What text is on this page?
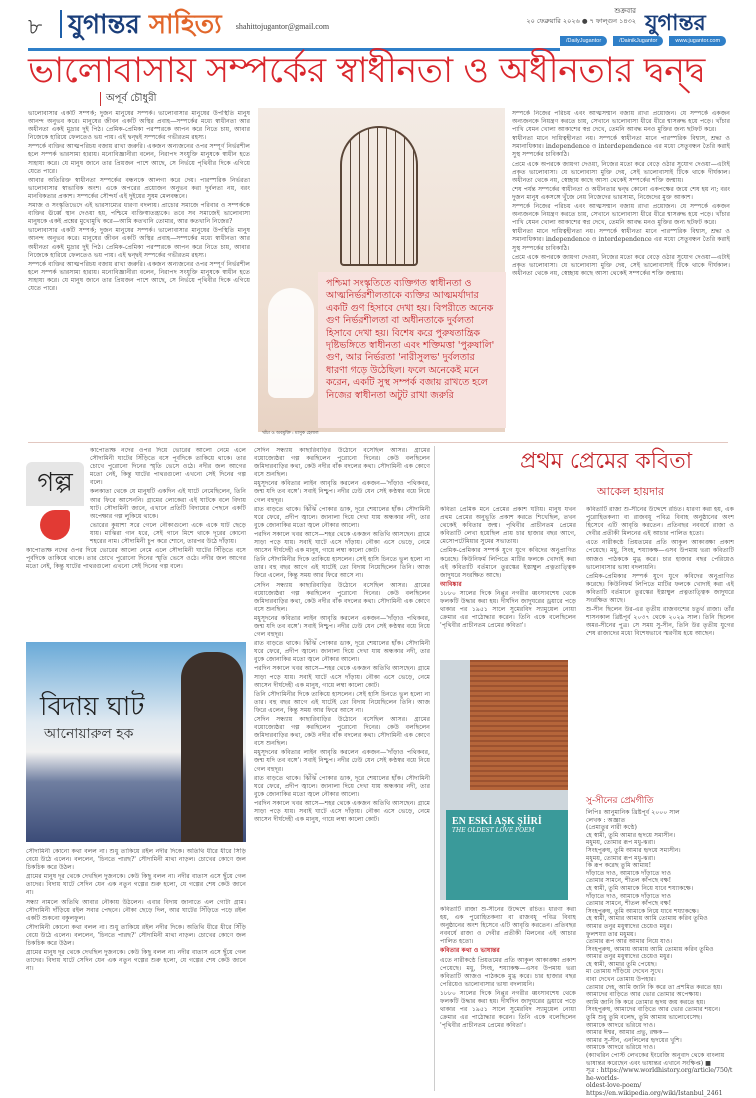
৮ যুগান্তর সাহিত্য shahittojugantor@gmail.com
শুক্রবার
২০ ফেব্রুয়ারি ২০২৬ ● ৭ ফাল্গুন ১৪৩২ যুগান্তর
/DailyJugantor	/DainikJugantor	www.jugantor.com
ভালোবাসায় সম্পর্কের স্বাধীনতা ও অধীনতার দ্বন্দ্ব
অপূর্ব চৌধুরী

ভালোবাসার একটি সম্পর্ক; দুজন মানুষের সম্পর্ক। ভালোবাসার মানুষের উপস্থিতি মানুষ আনন্দ অনুভব করে। মানুষের জীবন একটি অস্থির প্রবাহ—সম্পর্কের মধ্যে স্বাধীনতা আর অধীনতা একই মুদ্রার দুই পিঠ। প্রেমিক-প্রেমিকা পরস্পরকে আপন করে নিতে চায়, আবার নিজেকে হারিয়ে ফেলতেও ভয় পায়। এই দ্বন্দ্বই সম্পর্কের গভীরতম রহস্য।

সম্পর্কে ব্যক্তির আত্মপরিচয় বজায় রাখা জরুরি। একজন অন্যজনের ওপর সম্পূর্ণ নির্ভরশীল হলে সম্পর্ক ভারসাম্য হারায়। মনোবিজ্ঞানীরা বলেন, নিরাপদ সংযুক্তি মানুষকে স্বাধীন হতে সাহায্য করে। যে মানুষ জানে তার প্রিয়জন পাশে আছে, সে নির্ভয়ে পৃথিবীর দিকে এগিয়ে যেতে পারে।

আবার অতিরিক্ত স্বাধীনতা সম্পর্কের বন্ধনকে আলগা করে দেয়। পারস্পরিক নির্ভরতা ভালোবাসার স্বাভাবিক অংশ। একে অপরের প্রয়োজন অনুভব করা দুর্বলতা নয়, বরং মানবিকতার প্রকাশ। সম্পর্কের সৌন্দর্য এই দুইয়ের সুষম মেলবন্ধনে।

সমাজ ও সংস্কৃতিভেদে এই ভারসাম্যের ধারণা বদলায়। প্রাচ্যের সমাজে পরিবার ও সম্পর্ককে ব্যক্তির ঊর্ধ্বে স্থান দেওয়া হয়, পশ্চিমে ব্যক্তিস্বাতন্ত্র্যকে। তবে সব সমাজেই ভালোবাসা মানুষকে একই প্রশ্নের মুখোমুখি করে—আমি কতখানি তোমার, আর কতখানি নিজের?

ভালোবাসার একটি সম্পর্ক; দুজন মানুষের সম্পর্ক। ভালোবাসার মানুষের উপস্থিতি মানুষ আনন্দ অনুভব করে। মানুষের জীবন একটি অস্থির প্রবাহ—সম্পর্কের মধ্যে স্বাধীনতা আর অধীনতা একই মুদ্রার দুই পিঠ। প্রেমিক-প্রেমিকা পরস্পরকে আপন করে নিতে চায়, আবার নিজেকে হারিয়ে ফেলতেও ভয় পায়। এই দ্বন্দ্বই সম্পর্কের গভীরতম রহস্য।

সম্পর্কে ব্যক্তির আত্মপরিচয় বজায় রাখা জরুরি। একজন অন্যজনের ওপর সম্পূর্ণ নির্ভরশীল হলে সম্পর্ক ভারসাম্য হারায়। মনোবিজ্ঞানীরা বলেন, নিরাপদ সংযুক্তি মানুষকে স্বাধীন হতে সাহায্য করে। যে মানুষ জানে তার প্রিয়জন পাশে আছে, সে নির্ভয়ে পৃথিবীর দিকে এগিয়ে যেতে পারে।	পশ্চিমা সংস্কৃতিতে ব্যক্তিগত স্বাধীনতা ও আত্মনির্ভরশীলতাকে ব্যক্তির আত্মমর্যাদার একটি গুণ হিসাবে দেখা হয়। বিপরীতে অনেক গুণ নির্ভরশীলতা বা অধীনতাকে দুর্বলতা হিসাবে দেখা হয়। বিশেষ করে পুরুষতান্ত্রিক দৃষ্টিভঙ্গিতে স্বাধীনতা এবং শক্তিমত্তা 'পুরুষালি' গুণ, আর নির্ভরতা 'নারীসুলভ' দুর্বলতার ধারণা গড়ে উঠেছিল। ফলে অনেকেই মনে করেন, একটি সুস্থ সম্পর্ক বজায় রাখতে হলে নিজের স্বাধীনতা অটুট রাখা জরুরি
খাঁচা ও অবমুক্তি : মাসুক হেলাল

সম্পর্কে নিজের পরিচয় এবং আত্মসম্মান বজায় রাখা প্রয়োজন। যে সম্পর্কে একজন অন্যজনকে নিয়ন্ত্রণ করতে চায়, সেখানে ভালোবাসা ধীরে ধীরে শ্বাসরুদ্ধ হয়ে পড়ে। খাঁচার পাখি যেমন খোলা আকাশের স্বপ্ন দেখে, তেমনি আবদ্ধ মনও মুক্তির জন্য ছটফট করে।

স্বাধীনতা মানে দায়িত্বহীনতা নয়। সম্পর্কে স্বাধীনতা মানে পারস্পরিক বিশ্বাস, শ্রদ্ধা ও সমানাধিকার। independence ও interdependence এর মধ্যে সেতুবন্ধন তৈরি করাই সুস্থ সম্পর্কের চাবিকাঠি।

প্রেমে একে অপরকে জায়গা দেওয়া, নিজের মতো করে বেড়ে ওঠার সুযোগ দেওয়া—এটাই প্রকৃত ভালোবাসা। যে ভালোবাসা মুক্তি দেয়, সেই ভালোবাসাই টিকে থাকে দীর্ঘকাল। অধীনতা থেকে নয়, স্বেচ্ছায় কাছে আসা থেকেই সম্পর্কের শক্তি জন্মায়।

শেষ পর্যন্ত সম্পর্কের স্বাধীনতা ও অধীনতার দ্বন্দ্ব কোনো একপক্ষের জয়ে শেষ হয় না; বরং দুজন মানুষ একসঙ্গে খুঁজে নেয় নিজেদের ভারসাম্য, নিজেদের মুক্ত আকাশ।

সম্পর্কে নিজের পরিচয় এবং আত্মসম্মান বজায় রাখা প্রয়োজন। যে সম্পর্কে একজন অন্যজনকে নিয়ন্ত্রণ করতে চায়, সেখানে ভালোবাসা ধীরে ধীরে শ্বাসরুদ্ধ হয়ে পড়ে। খাঁচার পাখি যেমন খোলা আকাশের স্বপ্ন দেখে, তেমনি আবদ্ধ মনও মুক্তির জন্য ছটফট করে।

স্বাধীনতা মানে দায়িত্বহীনতা নয়। সম্পর্কে স্বাধীনতা মানে পারস্পরিক বিশ্বাস, শ্রদ্ধা ও সমানাধিকার। independence ও interdependence এর মধ্যে সেতুবন্ধন তৈরি করাই সুস্থ সম্পর্কের চাবিকাঠি।

প্রেমে একে অপরকে জায়গা দেওয়া, নিজের মতো করে বেড়ে ওঠার সুযোগ দেওয়া—এটাই প্রকৃত ভালোবাসা। যে ভালোবাসা মুক্তি দেয়, সেই ভালোবাসাই টিকে থাকে দীর্ঘকাল। অধীনতা থেকে নয়, স্বেচ্ছায় কাছে আসা থেকেই সম্পর্কের শক্তি জন্মায়।

গল্প

কাপোতাক্ষ নদের ওপর দিয়ে ভোরের আলো নেমে এলে সৌদামিনী ঘাটের সিঁড়িতে বসে পূর্বদিকে তাকিয়ে থাকে। তার চোখে পুরোনো দিনের স্মৃতি ভেসে ওঠে। নদীর জল আগের মতো নেই, কিন্তু ঘাটের পাথরগুলো এখনো সেই দিনের গল্প বলে।

কলকাতা থেকে যে মানুষটি একদিন এই ঘাটে নেমেছিলেন, তিনি আর ফিরে আসেননি। গ্রামের লোকেরা এই ঘাটকে বলে বিদায় ঘাট। সৌদামিনী জানে, এখানে প্রতিটি বিদায়ের পেছনে একটি অপেক্ষার গল্প লুকিয়ে থাকে।

ভোরের কুয়াশা সরে গেলে নৌকাগুলো একে একে ঘাট ছেড়ে যায়। মাঝিরা গান ধরে, সেই গানে মিশে থাকে দূরের কোনো শহরের নাম। সৌদামিনী চুপ করে শোনে, তারপর উঠে দাঁড়ায়।

কাপোতাক্ষ নদের ওপর দিয়ে ভোরের আলো নেমে এলে সৌদামিনী ঘাটের সিঁড়িতে বসে পূর্বদিকে তাকিয়ে থাকে। তার চোখে পুরোনো দিনের স্মৃতি ভেসে ওঠে। নদীর জল আগের মতো নেই, কিন্তু ঘাটের পাথরগুলো এখনো সেই দিনের গল্প বলে।

বিদায় ঘাট
আনোয়ারুল হক

সৌদামিনী কোনো কথা বলল না। শুধু তাকিয়ে রইল নদীর দিকে। অতিথি ধীরে ধীরে সিঁড়ি বেয়ে উঠে এলেন। বললেন, 'চিনতে পারছ?' সৌদামিনী মাথা নাড়ল। চোখের কোণে জল চিকচিক করে উঠল।

গ্রামের মানুষ দূর থেকে দেখছিল দুজনকে। কেউ কিছু বলল না। নদীর বাতাস এসে ছুঁয়ে গেল তাদের। বিদায় ঘাটে সেদিন যেন এক নতুন গল্পের শুরু হলো, যে গল্পের শেষ কেউ জানে না।

সন্ধ্যা নামলে অতিথি আবার নৌকায় উঠলেন। এবার বিদায় জানাতে এল গোটা গ্রাম। সৌদামিনী দাঁড়িয়ে রইল সবার পেছনে। নৌকা ছেড়ে দিল, আর ঘাটের সিঁড়িতে পড়ে রইল একটি শুকনো বকুলফুল।

সৌদামিনী কোনো কথা বলল না। শুধু তাকিয়ে রইল নদীর দিকে। অতিথি ধীরে ধীরে সিঁড়ি বেয়ে উঠে এলেন। বললেন, 'চিনতে পারছ?' সৌদামিনী মাথা নাড়ল। চোখের কোণে জল চিকচিক করে উঠল।

গ্রামের মানুষ দূর থেকে দেখছিল দুজনকে। কেউ কিছু বলল না। নদীর বাতাস এসে ছুঁয়ে গেল তাদের। বিদায় ঘাটে সেদিন যেন এক নতুন গল্পের শুরু হলো, যে গল্পের শেষ কেউ জানে না।

সেদিন সন্ধ্যায় কাছারিবাড়ির উঠোনে বসেছিল আসর। গ্রামের বয়োজ্যেষ্ঠরা গল্প করছিলেন পুরোনো দিনের। কেউ বলছিলেন জমিদারবাড়ির কথা, কেউ নদীর বাঁক বদলের কথা। সৌদামিনী এক কোণে বসে শুনছিল।

মধুসূদনের কবিতার লাইন আবৃত্তি করলেন একজন—'দাঁড়াও পথিকবর, জন্ম যদি তব বঙ্গে'। সবাই নিশ্চুপ। নদীর ঢেউ যেন সেই কণ্ঠস্বর বয়ে নিয়ে গেল বহুদূর।

রাত বাড়তে থাকে। ঝিঁঝিঁ পোকার ডাক, দূরে শেয়ালের হাঁক। সৌদামিনী ঘরে ফেরে, প্রদীপ জ্বালে। জানালা দিয়ে দেখা যায় অন্ধকার নদী, তার বুকে জোনাকির মতো জ্বলে নৌকার আলো।

পরদিন সকালে খবর আসে—শহর থেকে একজন অতিথি আসছেন। গ্রামে সাড়া পড়ে যায়। সবাই ঘাটে এসে দাঁড়ায়। নৌকা এসে ভেড়ে, নেমে আসেন দীর্ঘদেহী এক মানুষ, গায়ে লম্বা কালো কোট।

তিনি সৌদামিনীর দিকে তাকিয়ে হাসলেন। সেই হাসি চিনতে ভুল হলো না তার। বহু বছর আগে এই ঘাটেই তো বিদায় নিয়েছিলেন তিনি। আজ ফিরে এলেন, কিন্তু সময় আর ফিরে আসে না।

সেদিন সন্ধ্যায় কাছারিবাড়ির উঠোনে বসেছিল আসর। গ্রামের বয়োজ্যেষ্ঠরা গল্প করছিলেন পুরোনো দিনের। কেউ বলছিলেন জমিদারবাড়ির কথা, কেউ নদীর বাঁক বদলের কথা। সৌদামিনী এক কোণে বসে শুনছিল।

মধুসূদনের কবিতার লাইন আবৃত্তি করলেন একজন—'দাঁড়াও পথিকবর, জন্ম যদি তব বঙ্গে'। সবাই নিশ্চুপ। নদীর ঢেউ যেন সেই কণ্ঠস্বর বয়ে নিয়ে গেল বহুদূর।

রাত বাড়তে থাকে। ঝিঁঝিঁ পোকার ডাক, দূরে শেয়ালের হাঁক। সৌদামিনী ঘরে ফেরে, প্রদীপ জ্বালে। জানালা দিয়ে দেখা যায় অন্ধকার নদী, তার বুকে জোনাকির মতো জ্বলে নৌকার আলো।

পরদিন সকালে খবর আসে—শহর থেকে একজন অতিথি আসছেন। গ্রামে সাড়া পড়ে যায়। সবাই ঘাটে এসে দাঁড়ায়। নৌকা এসে ভেড়ে, নেমে আসেন দীর্ঘদেহী এক মানুষ, গায়ে লম্বা কালো কোট।

তিনি সৌদামিনীর দিকে তাকিয়ে হাসলেন। সেই হাসি চিনতে ভুল হলো না তার। বহু বছর আগে এই ঘাটেই তো বিদায় নিয়েছিলেন তিনি। আজ ফিরে এলেন, কিন্তু সময় আর ফিরে আসে না।

সেদিন সন্ধ্যায় কাছারিবাড়ির উঠোনে বসেছিল আসর। গ্রামের বয়োজ্যেষ্ঠরা গল্প করছিলেন পুরোনো দিনের। কেউ বলছিলেন জমিদারবাড়ির কথা, কেউ নদীর বাঁক বদলের কথা। সৌদামিনী এক কোণে বসে শুনছিল।

মধুসূদনের কবিতার লাইন আবৃত্তি করলেন একজন—'দাঁড়াও পথিকবর, জন্ম যদি তব বঙ্গে'। সবাই নিশ্চুপ। নদীর ঢেউ যেন সেই কণ্ঠস্বর বয়ে নিয়ে গেল বহুদূর।

রাত বাড়তে থাকে। ঝিঁঝিঁ পোকার ডাক, দূরে শেয়ালের হাঁক। সৌদামিনী ঘরে ফেরে, প্রদীপ জ্বালে। জানালা দিয়ে দেখা যায় অন্ধকার নদী, তার বুকে জোনাকির মতো জ্বলে নৌকার আলো।

পরদিন সকালে খবর আসে—শহর থেকে একজন অতিথি আসছেন। গ্রামে সাড়া পড়ে যায়। সবাই ঘাটে এসে দাঁড়ায়। নৌকা এসে ভেড়ে, নেমে আসেন দীর্ঘদেহী এক মানুষ, গায়ে লম্বা কালো কোট।

প্রথম প্রেমের কবিতা
আকেল হায়দার

কবিতা প্রেমিক মনে প্রেমের প্রকাশ ঘটায়। মানুষ যখন প্রথম প্রেমের অনুভূতি প্রকাশ করতে শিখেছিল, তখন থেকেই কবিতার জন্ম। পৃথিবীর প্রাচীনতম প্রেমের কবিতাটি লেখা হয়েছিল প্রায় চার হাজার বছর আগে, মেসোপটেমিয়ার সুমের সভ্যতায়।

প্রেমিক-প্রেমিকার সম্পর্ক যুগে যুগে কবিদের অনুপ্রাণিত করেছে। কিউনিফর্ম লিপিতে মাটির ফলকে খোদাই করা এই কবিতাটি বর্তমানে তুরস্কের ইস্তাম্বুল প্রত্নতাত্ত্বিক জাদুঘরে সংরক্ষিত আছে।

আবিষ্কার

১৮৮০ সালের দিকে নিপ্পুর নগরীর ধ্বংসাবশেষ থেকে ফলকটি উদ্ধার করা হয়। দীর্ঘদিন জাদুঘরের ড্রয়ারে পড়ে থাকার পর ১৯৫১ সালে সুমেরবিদ স্যামুয়েল নোয়া ক্রেমার এর পাঠোদ্ধার করেন। তিনি একে বলেছিলেন 'পৃথিবীর প্রাচীনতম প্রেমের কবিতা'।

EN ESKİ AŞK ŞİİRİ
THE OLDEST LOVE POEM

কবিতাটি রাজা শু-সীনের উদ্দেশে রচিত। ধারণা করা হয়, এক পুরোহিতকন্যা বা রাজবধূ পবিত্র বিবাহ অনুষ্ঠানের অংশ হিসেবে এটি আবৃত্তি করতেন। প্রতিবছর নববর্ষে রাজা ও দেবীর প্রতীকী মিলনের এই আচার পালিত হতো।

কবিতার কথা ও ভাষান্তর

এতে নারীকণ্ঠে প্রিয়তমের প্রতি আকুল আকাঙ্ক্ষা প্রকাশ পেয়েছে। মধু, সিংহ, শয্যাকক্ষ—এসব উপমায় ভরা কবিতাটি আজও পাঠককে মুগ্ধ করে। চার হাজার বছর পেরিয়েও ভালোবাসার ভাষা বদলায়নি।

১৮৮০ সালের দিকে নিপ্পুর নগরীর ধ্বংসাবশেষ থেকে ফলকটি উদ্ধার করা হয়। দীর্ঘদিন জাদুঘরের ড্রয়ারে পড়ে থাকার পর ১৯৫১ সালে সুমেরবিদ স্যামুয়েল নোয়া ক্রেমার এর পাঠোদ্ধার করেন। তিনি একে বলেছিলেন 'পৃথিবীর প্রাচীনতম প্রেমের কবিতা'।

কবিতাটি রাজা শু-সীনের উদ্দেশে রচিত। ধারণা করা হয়, এক পুরোহিতকন্যা বা রাজবধূ পবিত্র বিবাহ অনুষ্ঠানের অংশ হিসেবে এটি আবৃত্তি করতেন। প্রতিবছর নববর্ষে রাজা ও দেবীর প্রতীকী মিলনের এই আচার পালিত হতো।

এতে নারীকণ্ঠে প্রিয়তমের প্রতি আকুল আকাঙ্ক্ষা প্রকাশ পেয়েছে। মধু, সিংহ, শয্যাকক্ষ—এসব উপমায় ভরা কবিতাটি আজও পাঠককে মুগ্ধ করে। চার হাজার বছর পেরিয়েও ভালোবাসার ভাষা বদলায়নি।

প্রেমিক-প্রেমিকার সম্পর্ক যুগে যুগে কবিদের অনুপ্রাণিত করেছে। কিউনিফর্ম লিপিতে মাটির ফলকে খোদাই করা এই কবিতাটি বর্তমানে তুরস্কের ইস্তাম্বুল প্রত্নতাত্ত্বিক জাদুঘরে সংরক্ষিত আছে।

শু-সীন ছিলেন উর-এর তৃতীয় রাজবংশের চতুর্থ রাজা। তাঁর শাসনকাল খ্রিষ্টপূর্ব ২০৩৭ থেকে ২০২৯ সাল। তিনি ছিলেন অমর-সীনের পুত্র। সে সময় সু-সীন, তিনি উর তৃতীয় যুগের শেষ রাজাদের মধ্যে বিশেষভাবে স্মরণীয় হয়ে আছেন।

সু-সীনের প্রেমগীতি
লিপিঃ আনুমানিক খ্রিষ্টপূর্ব ২০০০ সাল
লেখক : অজ্ঞাত
(প্রেমাতুর নারী কণ্ঠে)
হে স্বামী, তুমি আমার হৃদয়ে সমাসীন।
মধুময়, তোমার রূপ মধু-ঝরা।
সিংহপুরুষ, তুমি আমার হৃদয়ে সমাসীন।
মধুময়, তোমার রূপ মধু-ঝরা।
কি রূপ করেছ তুমি আমায়!
দাঁড়াতে দাও, আমাকে দাঁড়াতে দাও
তোমার সামনে, শীতল কাঁপছে বক্ষ!
হে স্বামী, তুমি আমাকে নিয়ে যাবে শয্যাকক্ষে।
দাঁড়াতে দাও, আমাকে দাঁড়াতে দাও
তোমার সামনে, শীতল কাঁপছে বক্ষ!
সিংহপুরুষ, তুমি আমাকে নিয়ে যাবে শয্যাকক্ষে।
হে স্বামী, আমার আমায় আমি তোমায় করিব তুমিও
আমার তনুর মধুস্বাদের চেয়েও মধুর।
ফুলশয্যা তার মধুময়।
তোমার রূপ আর আমার নিয়ে যাও।
সিংহপুরুষ, আমায় আমায় আমি তোমায় করিব তুমিও
আমার তনুর মধুস্বাদের চেয়েও মধুর।
হে স্বামী, আমার তুমি পেয়েছ।
মা তোমায় দাঁড়িয়ে দেখেন সুখে।
বাবা দেখেন তোমায় উপহার।
তোমার দেহ, আমি জানি কি করে তা প্রশমিত করতে হয়।
আমাদের বাড়িতে আর ভোর তোমার অপেক্ষায়।
আমি জানি কি করে তোমার হৃদয় জয় করতে হয়।
সিংহপুরুষ, আমাদের বাড়িতে আর ভোর তোমার শয়নে।
তুমি শুধু তুমি বলেছ, তুমি আমায় ভালোবেসেছ।
আমাকে আদরে ভরিয়ে দাও।
আমার ঈশ্বর, আমার প্রভু, রক্ষক—
আমার সু-সীন, এনলিলের হৃদয়ের খুশি।
আমাকে আদরে ভরিয়ে দাও।
(ক্যাথরিন পোস্ট লেখকের ইংরেজি অনুবাদ থেকে বাংলায় ভাষান্তর করেছেন এবং ভাষান্তর এখানে সংক্ষিপ্ত) ■
সূত্র : https://www.worldhistory.org/article/750/the-worlds-
oldest-love-poem/
https://en.wikipedia.org/wiki/Istanbul_2461
